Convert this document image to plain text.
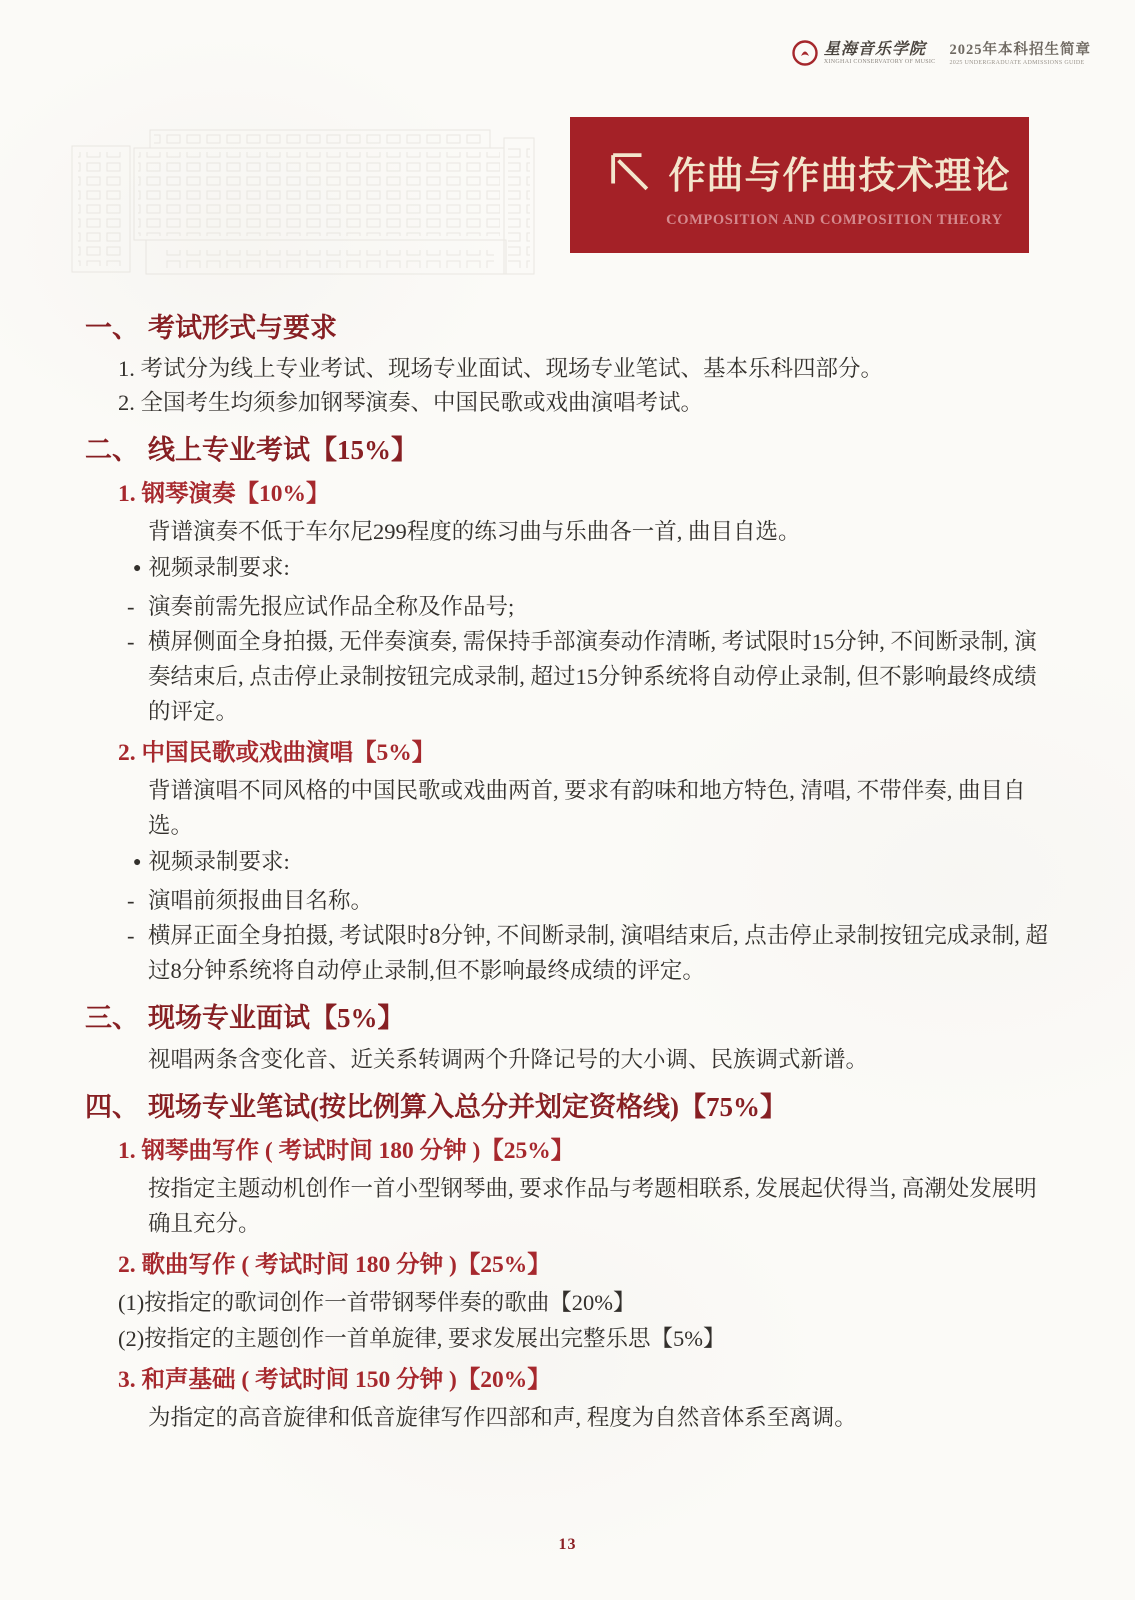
星海音乐学院
XINGHAI CONSERVATORY OF MUSIC
2025年本科招生简章
2025 UNDERGRADUATE ADMISSIONS GUIDE
作曲与作曲技术理论
COMPOSITION AND COMPOSITION THEORY
一、 考试形式与要求
1. 考试分为线上专业考试、现场专业面试、现场专业笔试、基本乐科四部分。
2. 全国考生均须参加钢琴演奏、中国民歌或戏曲演唱考试。
二、 线上专业考试【15%】
1. 钢琴演奏【10%】
背谱演奏不低于车尔尼299程度的练习曲与乐曲各一首, 曲目自选。
● 视频录制要求:
- 演奏前需先报应试作品全称及作品号;
- 横屏侧面全身拍摄, 无伴奏演奏, 需保持手部演奏动作清晰, 考试限时15分钟, 不间断录制, 演奏结束后, 点击停止录制按钮完成录制, 超过15分钟系统将自动停止录制, 但不影响最终成绩的评定。
2. 中国民歌或戏曲演唱【5%】
背谱演唱不同风格的中国民歌或戏曲两首, 要求有韵味和地方特色, 清唱, 不带伴奏, 曲目自选。
● 视频录制要求:
- 演唱前须报曲目名称。
- 横屏正面全身拍摄, 考试限时8分钟, 不间断录制, 演唱结束后, 点击停止录制按钮完成录制, 超过8分钟系统将自动停止录制,但不影响最终成绩的评定。
三、 现场专业面试【5%】
视唱两条含变化音、近关系转调两个升降记号的大小调、民族调式新谱。
四、 现场专业笔试(按比例算入总分并划定资格线)【75%】
1. 钢琴曲写作 ( 考试时间 180 分钟 )【25%】
按指定主题动机创作一首小型钢琴曲, 要求作品与考题相联系, 发展起伏得当, 高潮处发展明确且充分。
2. 歌曲写作 ( 考试时间 180 分钟 )【25%】
(1)按指定的歌词创作一首带钢琴伴奏的歌曲【20%】
(2)按指定的主题创作一首单旋律, 要求发展出完整乐思【5%】
3. 和声基础 ( 考试时间 150 分钟 )【20%】
为指定的高音旋律和低音旋律写作四部和声, 程度为自然音体系至离调。
13
